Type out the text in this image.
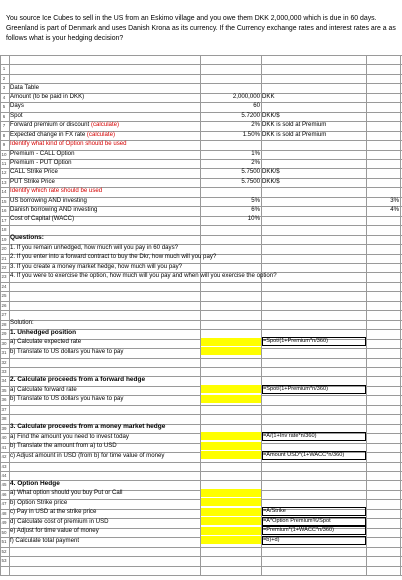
You source Ice Cubes to sell in the US from an Eskimo village and you owe them DKK 2,000,000 which is due in 60 days. Greenland is part of Denmark and uses Danish Krona as its currency. If the Currency exchange rates and interest rates are a as follows what is your hedging decision?
1
2
3
4
5
6
7
8
9
10
11
12
13
14
15
16
17
18
19
20
21
22
23
24
25
26
27
28
29
30
31
32
33
34
35
36
37
38
39
40
41
42
43
44
45
46
47
48
49
50
51
52
53
Data Table
Amount (to be paid in DKK)	2,000,000 DKK
Days	60
Spot	5.7200 DKK/$
Forward premium or discount (calculate)	2% DKK is sold at Premium
Expected change in FX rate (calculate)	1.50% DKK is sold at Premium
Identify what kind of Option should be used
Premium - CALL Option	1%
Premium - PUT Option	2%
CALL Strike Price	5.7500 DKK/$
PUT Strike Price	5.7500 DKK/$
Identify which rate should be used
US borrowing AND investing	5%	3%
Danish borrowing AND investing	6%	4%
Cost of Capital (WACC)	10%
Questions:
1. If you remain unhedged, how much will you pay in 60 days?
2. If you enter into a forward contract to buy the Dkr, how much will you pay?
3. If you create a money market hedge, how much will you pay?
4. If you were to exercise the option, how much will you pay and when will you exercise the option?
Solution:
1. Unhedged position
a) Calculate expected rate	=Spot/(1+Premium*n/360)
b) Translate to US dollars you have to pay
2. Calculate proceeds from a forward hedge
a) Calculate forward rate	=Spot/(1+Premium*n/360)
b) Translate to US dollars you have to pay
3. Calculate proceeds from a money market hedge
a) Find the amount you need to invest today	=A/(1+Inv rate*n/360)
b) Translate the amount from a) to USD
c) Adjust amount in USD (from b) for time value of money	=Amount USD*(1+WACC*n/360)
4. Option Hedge
a) What option should you buy Put or Call
b) Option Strike price
c) Pay in USD at the strike price	=A/Strike
d) Calculate cost of premium in USD	=A*Option Premium%/Spot
e) Adjust for time value of money	=Premium*(1+WACC*n/360)
f) Calculate total payment	=b)+d)
